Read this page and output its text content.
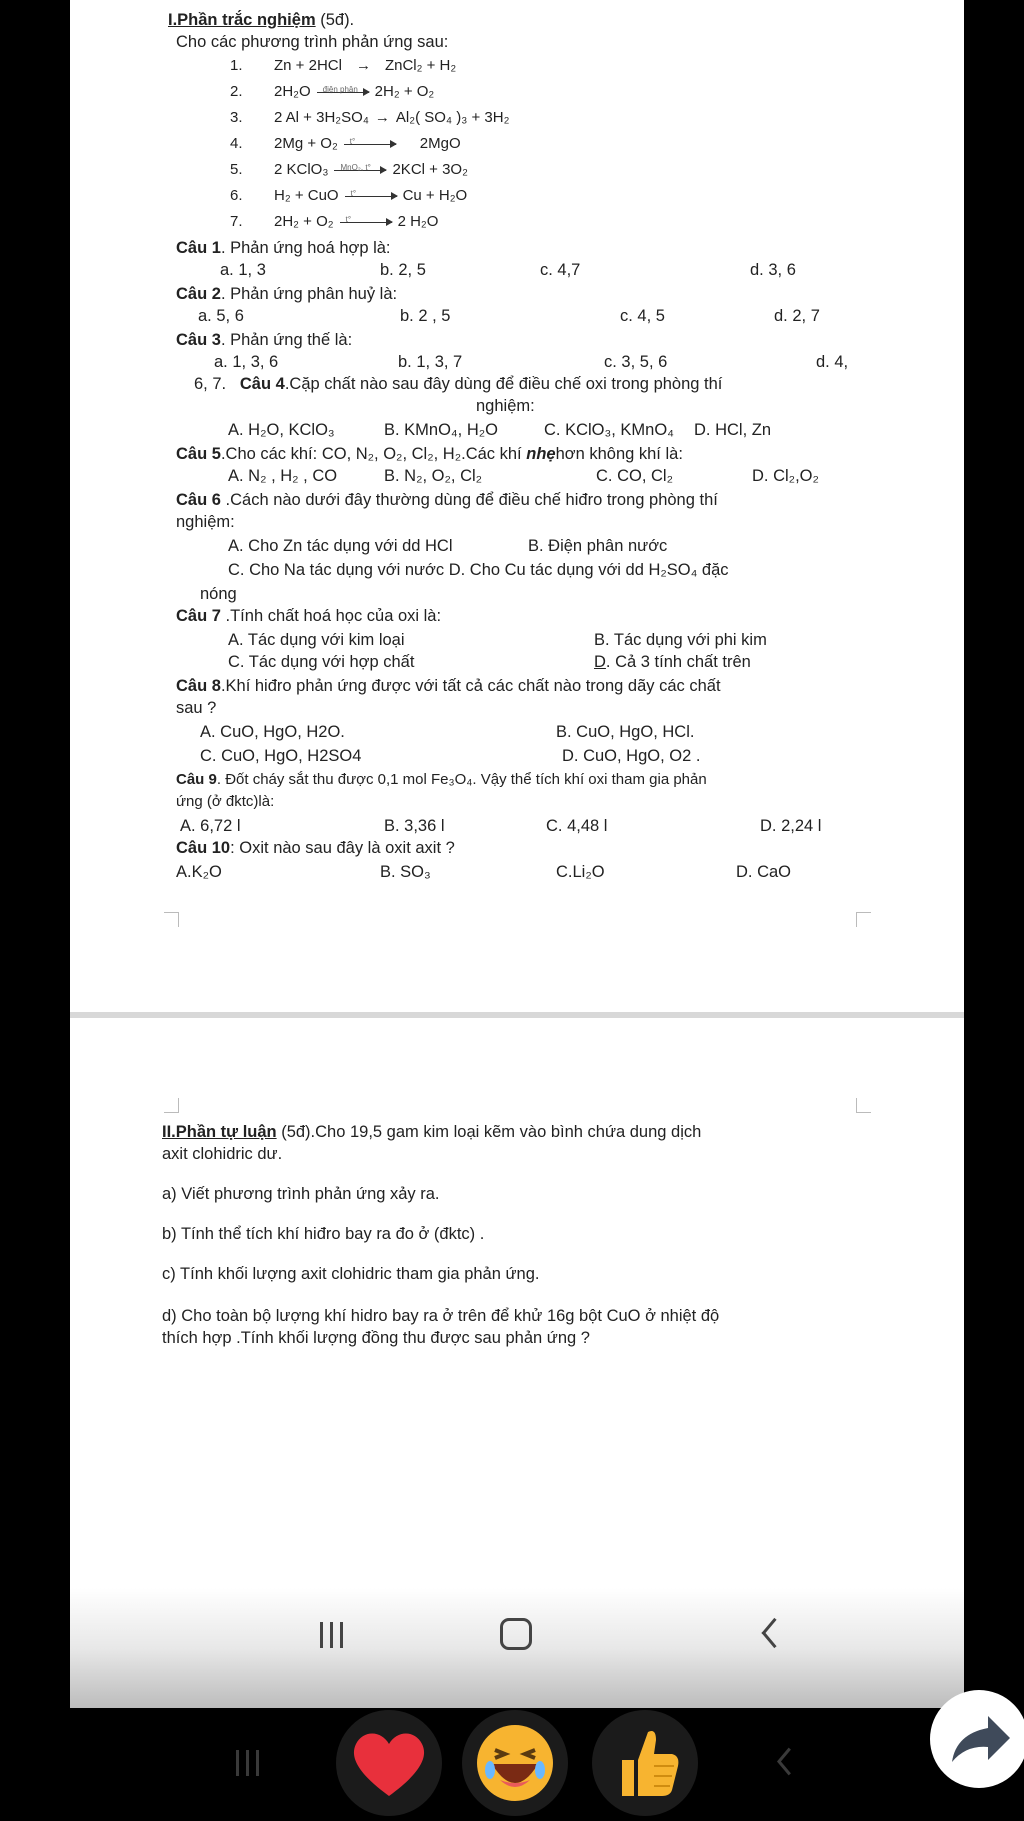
I.Phần trắc nghiệm (5đ).
Cho các phương trình phản ứng sau:
1. Zn + 2HCl → ZnCl₂ + H₂
2. 2H₂O điện phân 2H₂ + O₂
3. 2 Al + 3H₂SO₄ → Al₂( SO₄ )₃ + 3H₂
4. 2Mg + O₂ t°	2MgO
5. 2 KClO₃ MnO₂, t° 2KCl + 3O₂
6. H₂ + CuO t°	Cu + H₂O
7. 2H₂ + O₂ t°	2 H₂O
Câu 1. Phản ứng hoá hợp là:
a. 1, 3	b. 2, 5	c. 4,7	d. 3, 6
Câu 2. Phản ứng phân huỷ là:
a. 5, 6	b. 2 , 5	c. 4, 5	d. 2, 7
Câu 3. Phản ứng thế là:
a. 1, 3, 6	b. 1, 3, 7	c. 3, 5, 6	d. 4,
6, 7. Câu 4.Cặp chất nào sau đây dùng để điều chế oxi trong phòng thí
nghiệm:
A. H₂O, KClO₃	B. KMnO₄, H₂O	C. KClO₃, KMnO₄ D. HCl, Zn
Câu 5.Cho các khí: CO, N₂, O₂, Cl₂, H₂.Các khí nhẹhơn không khí là:
A. N₂ , H₂ , CO	B. N₂, O₂, Cl₂	C. CO, Cl₂	D. Cl₂,O₂
Câu 6 .Cách nào dưới đây thường dùng để điều chế hiđro trong phòng thí
nghiệm:
A. Cho Zn tác dụng với dd HCl	B. Điện phân nước
C. Cho Na tác dụng với nước D. Cho Cu tác dụng với dd H₂SO₄ đặc
nóng
Câu 7 .Tính chất hoá học của oxi là:
A. Tác dụng với kim loại	B. Tác dụng với phi kim
C. Tác dụng với hợp chất	D. Cả 3 tính chất trên
Câu 8.Khí hiđro phản ứng được với tất cả các chất nào trong dãy các chất
sau ?
A. CuO, HgO, H2O.	B. CuO, HgO, HCl.
C. CuO, HgO, H2SO4	D. CuO, HgO, O2 .
Câu 9. Đốt cháy sắt thu được 0,1 mol Fe₃O₄. Vậy thể tích khí oxi tham gia phản
ứng (ở đktc)là:
A. 6,72 l	B. 3,36 l	C. 4,48 l	D. 2,24 l
Câu 10: Oxit nào sau đây là oxit axit ?
A.K₂O	B. SO₃	C.Li₂O	D. CaO
II.Phần tự luận (5đ).Cho 19,5 gam kim loại kẽm vào bình chứa dung dịch
axit clohidric dư.
a) Viết phương trình phản ứng xảy ra.
b) Tính thể tích khí hiđro bay ra đo ở (đktc) .
c) Tính khối lượng axit clohidric tham gia phản ứng.
d) Cho toàn bộ lượng khí hidro bay ra ở trên để khử 16g bột CuO ở nhiệt độ
thích hợp .Tính khối lượng đồng thu được sau phản ứng ?
